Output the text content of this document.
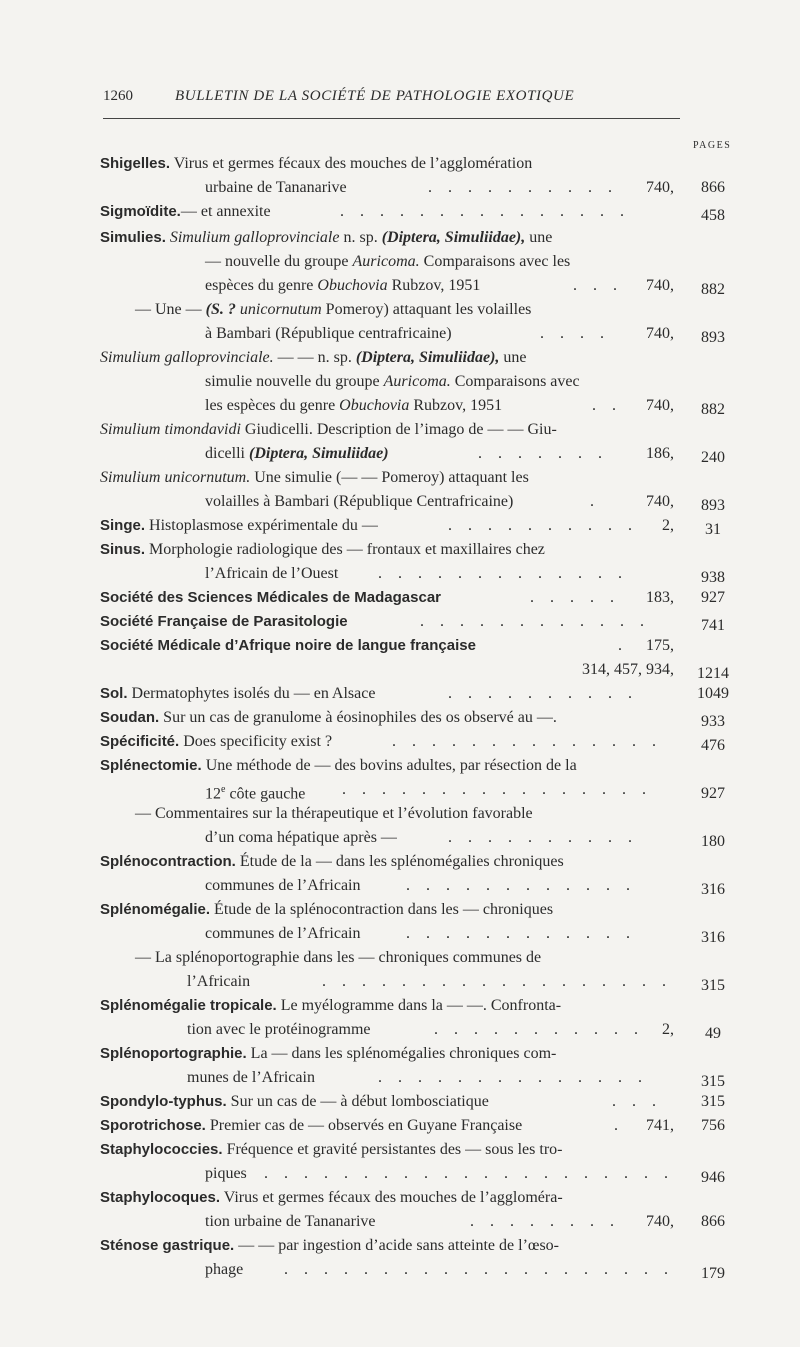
1260	BULLETIN DE LA SOCIÉTÉ DE PATHOLOGIE EXOTIQUE
PAGES
Shigelles. Virus et germes fécaux des mouches de l’agglomération
urbaine de Tananarive	. . . . . . . . . . 740,	866
Sigmoïdite.— et annexite	. . . . . . . . . . . . . . .	458
Simulies. Simulium galloprovinciale n. sp. (Diptera, Simuliidae), une
— nouvelle du groupe Auricoma. Comparaisons avec les
espèces du genre Obuchovia Rubzov, 1951	. . . 740,	882
— Une — (S. ? unicornutum Pomeroy) attaquant les volailles
à Bambari (République centrafricaine)	. . . . 740,	893
Simulium galloprovinciale. — — n. sp. (Diptera, Simuliidae), une
simulie nouvelle du groupe Auricoma. Comparaisons avec
les espèces du genre Obuchovia Rubzov, 1951	. . 740,	882
Simulium timondavidi Giudicelli. Description de l’imago de — — Giu-
dicelli (Diptera, Simuliidae)	. . . . . . . 186,	240
Simulium unicornutum. Une simulie (— — Pomeroy) attaquant les
volailles à Bambari (République Centrafricaine)	.	740,	893
Singe. Histoplasmose expérimentale du —	. . . . . . . . . . 2,	31
Sinus. Morphologie radiologique des — frontaux et maxillaires chez
l’Africain de l’Ouest . . . . . . . . . . . . .	938
Société des Sciences Médicales de Madagascar	. . . . . 183,	927
Société Française de Parasitologie	. . . . . . . . . . . .	741
Société Médicale d’Afrique noire de langue française	. 175,
314, 457, 934,	1214
Sol. Dermatophytes isolés du — en Alsace	. . . . . . . . . .	1049
Soudan. Sur un cas de granulome à éosinophiles des os observé au —.	933
Spécificité. Does specificity exist ?	. . . . . . . . . . . . . .	476
Splénectomie. Une méthode de — des bovins adultes, par résection de la
12e côte gauche . . . . . . . . . . . . . . . .	927
— Commentaires sur la thérapeutique et l’évolution favorable
d’un coma hépatique après —	. . . . . . . . . .	180
Splénocontraction. Étude de la — dans les splénomégalies chroniques
communes de l’Africain	. . . . . . . . . . . .	316
Splénomégalie. Étude de la splénocontraction dans les — chroniques
communes de l’Africain	. . . . . . . . . . . .	316
— La splénoportographie dans les — chroniques communes de
l’Africain	. . . . . . . . . . . . . . . . . .	315
Splénomégalie tropicale. Le myélogramme dans la — —. Confronta-
tion avec le protéinogramme	. . . . . . . . . . . 2,	49
Splénoportographie. La — dans les splénomégalies chroniques com-
munes de l’Africain	. . . . . . . . . . . . . .	315
Spondylo-typhus. Sur un cas de — à début lombosciatique	. . .	315
Sporotrichose. Premier cas de — observés en Guyane Française	. 741,	756
Staphylococcies. Fréquence et gravité persistantes des — sous les tro-
piques . . . . . . . . . . . . . . . . . . . . .	946
Staphylocoques. Virus et germes fécaux des mouches de l’aggloméra-
tion urbaine de Tananarive	. . . . . . . . 740,	866
Sténose gastrique. — — par ingestion d’acide sans atteinte de l’œso-
phage	. . . . . . . . . . . . . . . . . . . .	179
